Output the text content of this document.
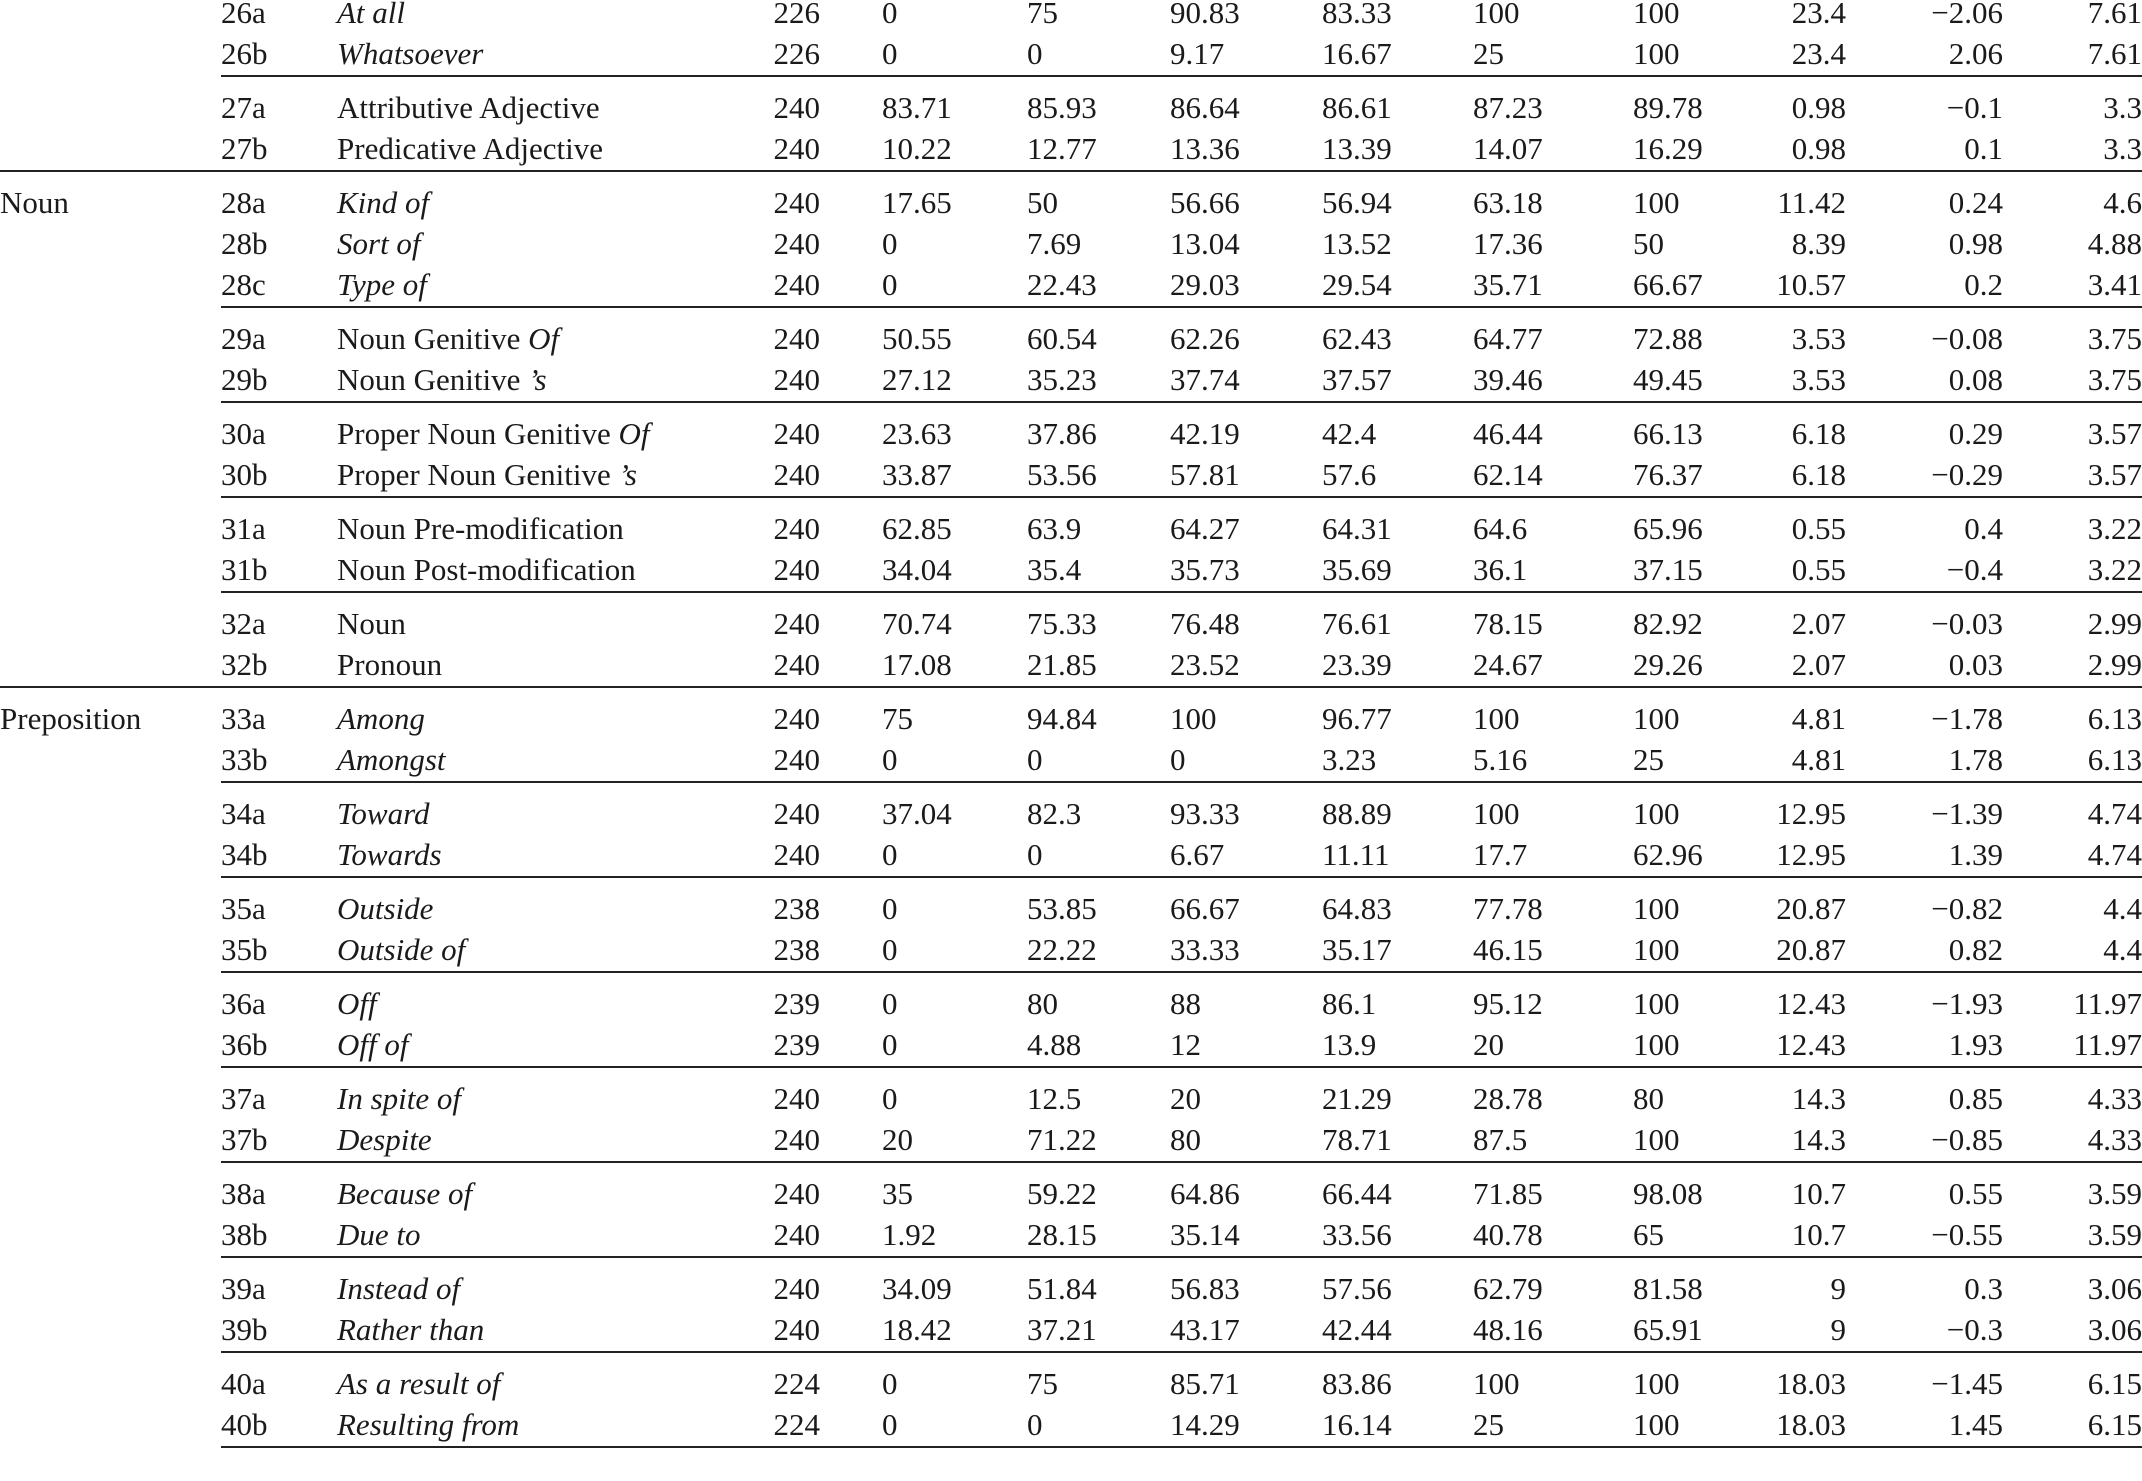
26a At all	226 0	75	90.83	83.33	100	100	23.4	−2.06	7.61
26b Whatsoever	226 0	0	9.17	16.67	25	100	23.4	2.06	7.61
27a Attributive Adjective	240 83.71 85.93 86.64	86.61	87.23	89.78	0.98	−0.1	3.3
27b Predicative Adjective	240 10.22 12.77 13.36	13.39	14.07	16.29	0.98	0.1	3.3
Noun	28a Kind of	240 17.65 50	56.66	56.94	63.18	100	11.42	0.24	4.6
28b Sort of	240 0	7.69	13.04	13.52	17.36	50	8.39	0.98	4.88
28c Type of	240 0	22.43 29.03	29.54	35.71	66.67 10.57	0.2	3.41
29a Noun Genitive Of	240 50.55 60.54 62.26	62.43	64.77	72.88	3.53	−0.08	3.75
29b Noun Genitive ’s	240 27.12 35.23 37.74	37.57	39.46	49.45	3.53	0.08	3.75
30a Proper Noun Genitive Of	240 23.63 37.86 42.19	42.4	46.44	66.13	6.18	0.29	3.57
30b Proper Noun Genitive ’s	240 33.87 53.56 57.81	57.6	62.14	76.37	6.18	−0.29	3.57
31a Noun Pre-modification	240 62.85 63.9	64.27	64.31	64.6	65.96	0.55	0.4	3.22
31b Noun Post-modification	240 34.04 35.4	35.73	35.69	36.1	37.15	0.55	−0.4	3.22
32a Noun	240 70.74 75.33 76.48	76.61	78.15	82.92	2.07	−0.03	2.99
32b Pronoun	240 17.08 21.85 23.52	23.39	24.67	29.26	2.07	0.03	2.99
Preposition	33a Among	240 75	94.84 100	96.77	100	100	4.81	−1.78	6.13
33b Amongst	240 0	0	0	3.23	5.16	25	4.81	1.78	6.13
34a Toward	240 37.04 82.3	93.33	88.89	100	100	12.95	−1.39	4.74
34b Towards	240 0	0	6.67	11.11	17.7	62.96 12.95	1.39	4.74
35a Outside	238 0	53.85 66.67	64.83	77.78	100	20.87	−0.82	4.4
35b Outside of	238 0	22.22 33.33	35.17	46.15	100	20.87	0.82	4.4
36a Off	239 0	80	88	86.1	95.12	100	12.43	−1.93 11.97
36b Off of	239 0	4.88	12	13.9	20	100	12.43	1.93 11.97
37a In spite of	240 0	12.5	20	21.29	28.78	80	14.3	0.85	4.33
37b Despite	240 20	71.22 80	78.71	87.5	100	14.3	−0.85	4.33
38a Because of	240 35	59.22 64.86	66.44	71.85	98.08	10.7	0.55	3.59
38b Due to	240 1.92	28.15 35.14	33.56	40.78	65	10.7	−0.55	3.59
39a Instead of	240 34.09 51.84 56.83	57.56	62.79	81.58	9	0.3	3.06
39b Rather than	240 18.42 37.21 43.17	42.44	48.16	65.91	9	−0.3	3.06
40a As a result of	224 0	75	85.71	83.86	100	100	18.03	−1.45	6.15
40b Resulting from	224 0	0	14.29	16.14	25	100	18.03	1.45	6.15
